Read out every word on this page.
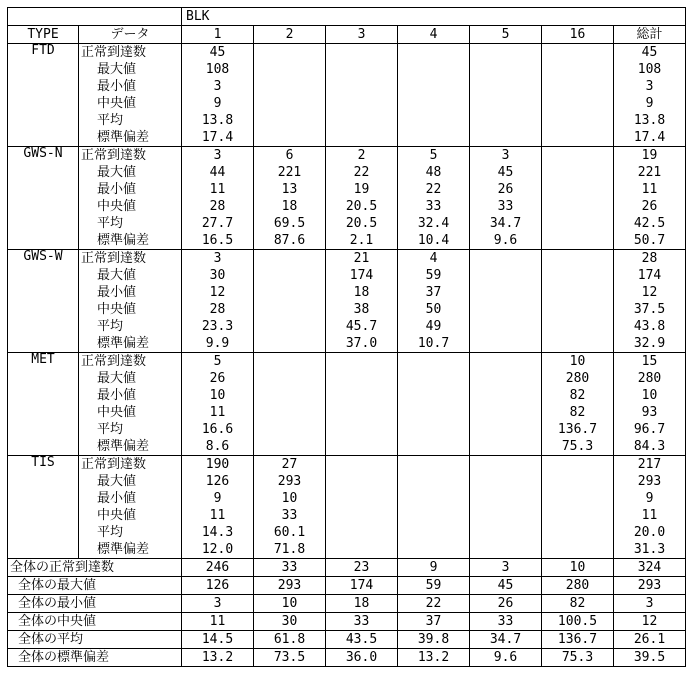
		BLK						
TYPE	データ	1	2	3	4	5	16	総計
FTD	正常到達数	45						45
	最大値	108						108
	最小値	3						3
	中央値	9						9
	平均	13.8						13.8
	標準偏差	17.4						17.4
GWS-N	正常到達数	3	6	2	5	3		19
	最大値	44	221	22	48	45		221
	最小値	11	13	19	22	26		11
	中央値	28	18	20.5	33	33		26
	平均	27.7	69.5	20.5	32.4	34.7		42.5
	標準偏差	16.5	87.6	2.1	10.4	9.6		50.7
GWS-W	正常到達数	3		21	4			28
	最大値	30		174	59			174
	最小値	12		18	37			12
	中央値	28		38	50			37.5
	平均	23.3		45.7	49			43.8
	標準偏差	9.9		37.0	10.7			32.9
MET	正常到達数	5					10	15
	最大値	26					280	280
	最小値	10					82	10
	中央値	11					82	93
	平均	16.6					136.7	96.7
	標準偏差	8.6					75.3	84.3
TIS	正常到達数	190	27					217
	最大値	126	293					293
	最小値	9	10					9
	中央値	11	33					11
	平均	14.3	60.1					20.0
	標準偏差	12.0	71.8					31.3
全体の正常到達数		246	33	23	9	3	10	324
全体の最大値		126	293	174	59	45	280	293
全体の最小値		3	10	18	22	26	82	3
全体の中央値		11	30	33	37	33	100.5	12
全体の平均		14.5	61.8	43.5	39.8	34.7	136.7	26.1
全体の標準偏差		13.2	73.5	36.0	13.2	9.6	75.3	39.5
